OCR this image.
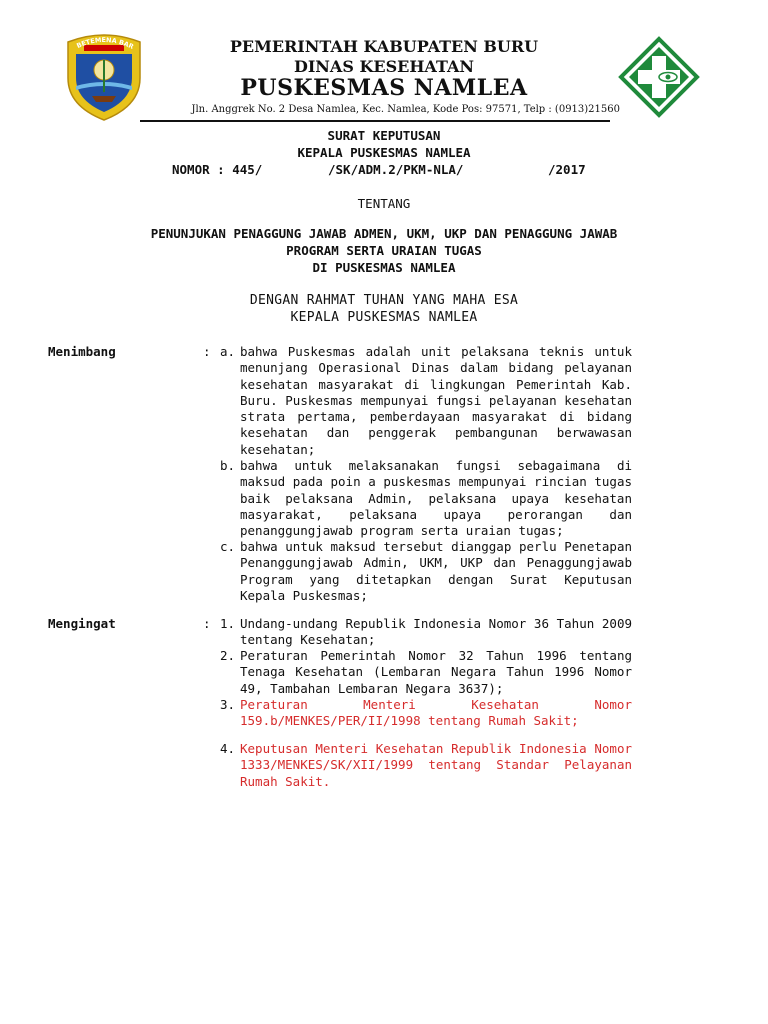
BETEMENA BAR	PEMERINTAH KABUPATEN BURU
DINAS KESEHATAN
PUSKESMAS NAMLEA
Jln. Anggrek No. 2 Desa Namlea, Kec. Namlea, Kode Pos: 97571, Telp : (0913)21560
SURAT KEPUTUSAN
KEPALA PUSKESMAS NAMLEA
NOMOR : 445/	/SK/ADM.2/PKM-NLA/	/2017
TENTANG
PENUNJUKAN PENAGGUNG JAWAB ADMEN, UKM, UKP DAN PENAGGUNG JAWAB
PROGRAM SERTA URAIAN TUGAS
DI PUSKESMAS NAMLEA
DENGAN RAHMAT TUHAN YANG MAHA ESA
KEPALA PUSKESMAS NAMLEA
Menimbang	: a. bahwa Puskesmas adalah unit pelaksana teknis untuk menunjang Operasional Dinas dalam bidang pelayanan kesehatan masyarakat di lingkungan Pemerintah Kab. Buru. Puskesmas mempunyai fungsi pelayanan kesehatan strata pertama, pemberdayaan masyarakat di bidang kesehatan dan penggerak pembangunan berwawasan kesehatan;
b. bahwa untuk melaksanakan fungsi sebagaimana di maksud pada poin a puskesmas mempunyai rincian tugas baik pelaksana Admin, pelaksana upaya kesehatan masyarakat, pelaksana upaya perorangan dan penanggungjawab program serta uraian tugas;
c. bahwa untuk maksud tersebut dianggap perlu Penetapan Penanggungjawab Admin, UKM, UKP dan Penaggungjawab Program yang ditetapkan dengan Surat Keputusan Kepala Puskesmas;
Mengingat	: 1. Undang-undang Republik Indonesia Nomor 36 Tahun 2009 tentang Kesehatan;
2. Peraturan Pemerintah Nomor 32 Tahun 1996 tentang Tenaga Kesehatan (Lembaran Negara Tahun 1996 Nomor 49, Tambahan Lembaran Negara 3637);
3. Peraturan Menteri Kesehatan Nomor 159.b/MENKES/PER/II/1998 tentang Rumah Sakit;
4. Keputusan Menteri Kesehatan Republik Indonesia Nomor 1333/MENKES/SK/XII/1999 tentang Standar Pelayanan Rumah Sakit.
